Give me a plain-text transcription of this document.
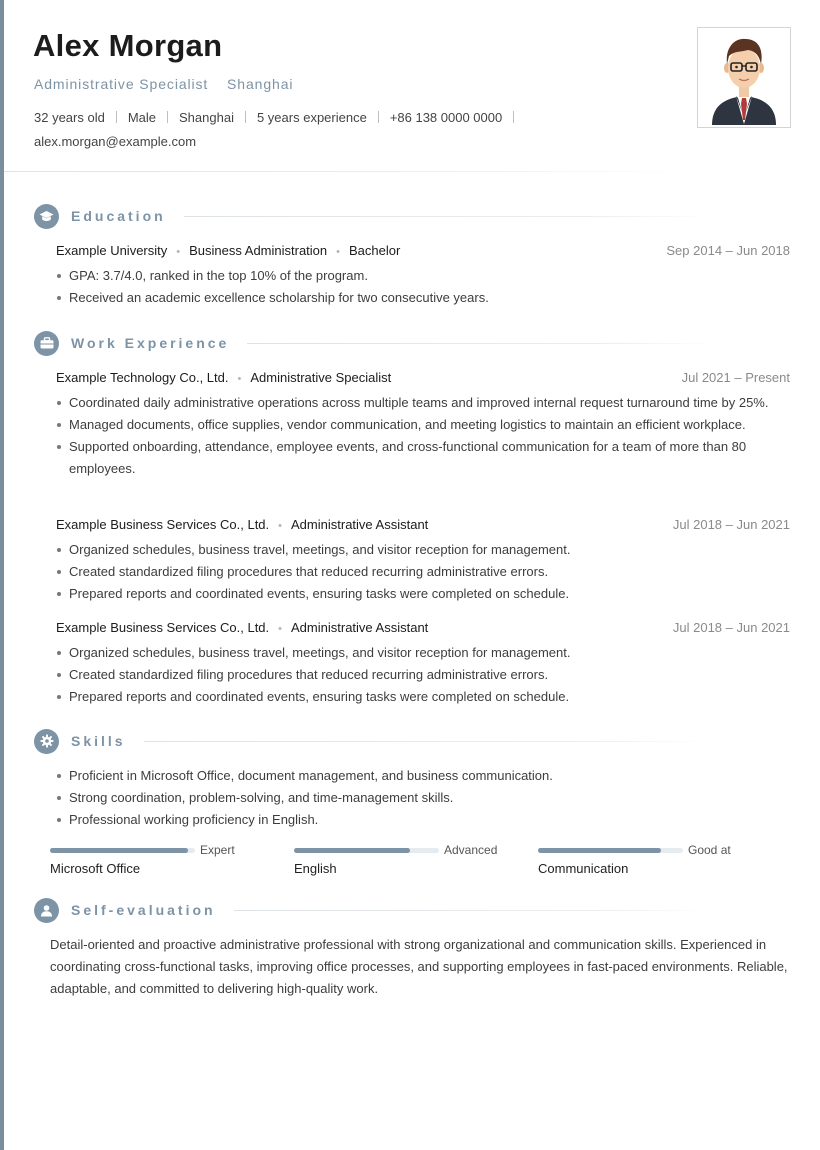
Alex Morgan
Administrative Specialist Shanghai
32 years old Male Shanghai 5 years experience +86 138 0000 0000
alex.morgan@example.com
Education
Example University • Business Administration • Bachelor	Sep 2014 – Jun 2018
GPA: 3.7/4.0, ranked in the top 10% of the program.
Received an academic excellence scholarship for two consecutive years.
Work Experience
Example Technology Co., Ltd. • Administrative Specialist	Jul 2021 – Present
Coordinated daily administrative operations across multiple teams and improved internal request turnaround time by 25%.
Managed documents, office supplies, vendor communication, and meeting logistics to maintain an efficient workplace.
Supported onboarding, attendance, employee events, and cross-functional communication for a team of more than 80 employees.
Example Business Services Co., Ltd. • Administrative Assistant	Jul 2018 – Jun 2021
Organized schedules, business travel, meetings, and visitor reception for management.
Created standardized filing procedures that reduced recurring administrative errors.
Prepared reports and coordinated events, ensuring tasks were completed on schedule.
Example Business Services Co., Ltd. • Administrative Assistant	Jul 2018 – Jun 2021
Organized schedules, business travel, meetings, and visitor reception for management.
Created standardized filing procedures that reduced recurring administrative errors.
Prepared reports and coordinated events, ensuring tasks were completed on schedule.
Skills
Proficient in Microsoft Office, document management, and business communication.
Strong coordination, problem-solving, and time-management skills.
Professional working proficiency in English.
Expert
Microsoft Office
Advanced
English
Good at
Communication
Self-evaluation
Detail-oriented and proactive administrative professional with strong organizational and communication skills. Experienced in coordinating cross-functional tasks, improving office processes, and supporting employees in fast-paced environments. Reliable, adaptable, and committed to delivering high-quality work.
